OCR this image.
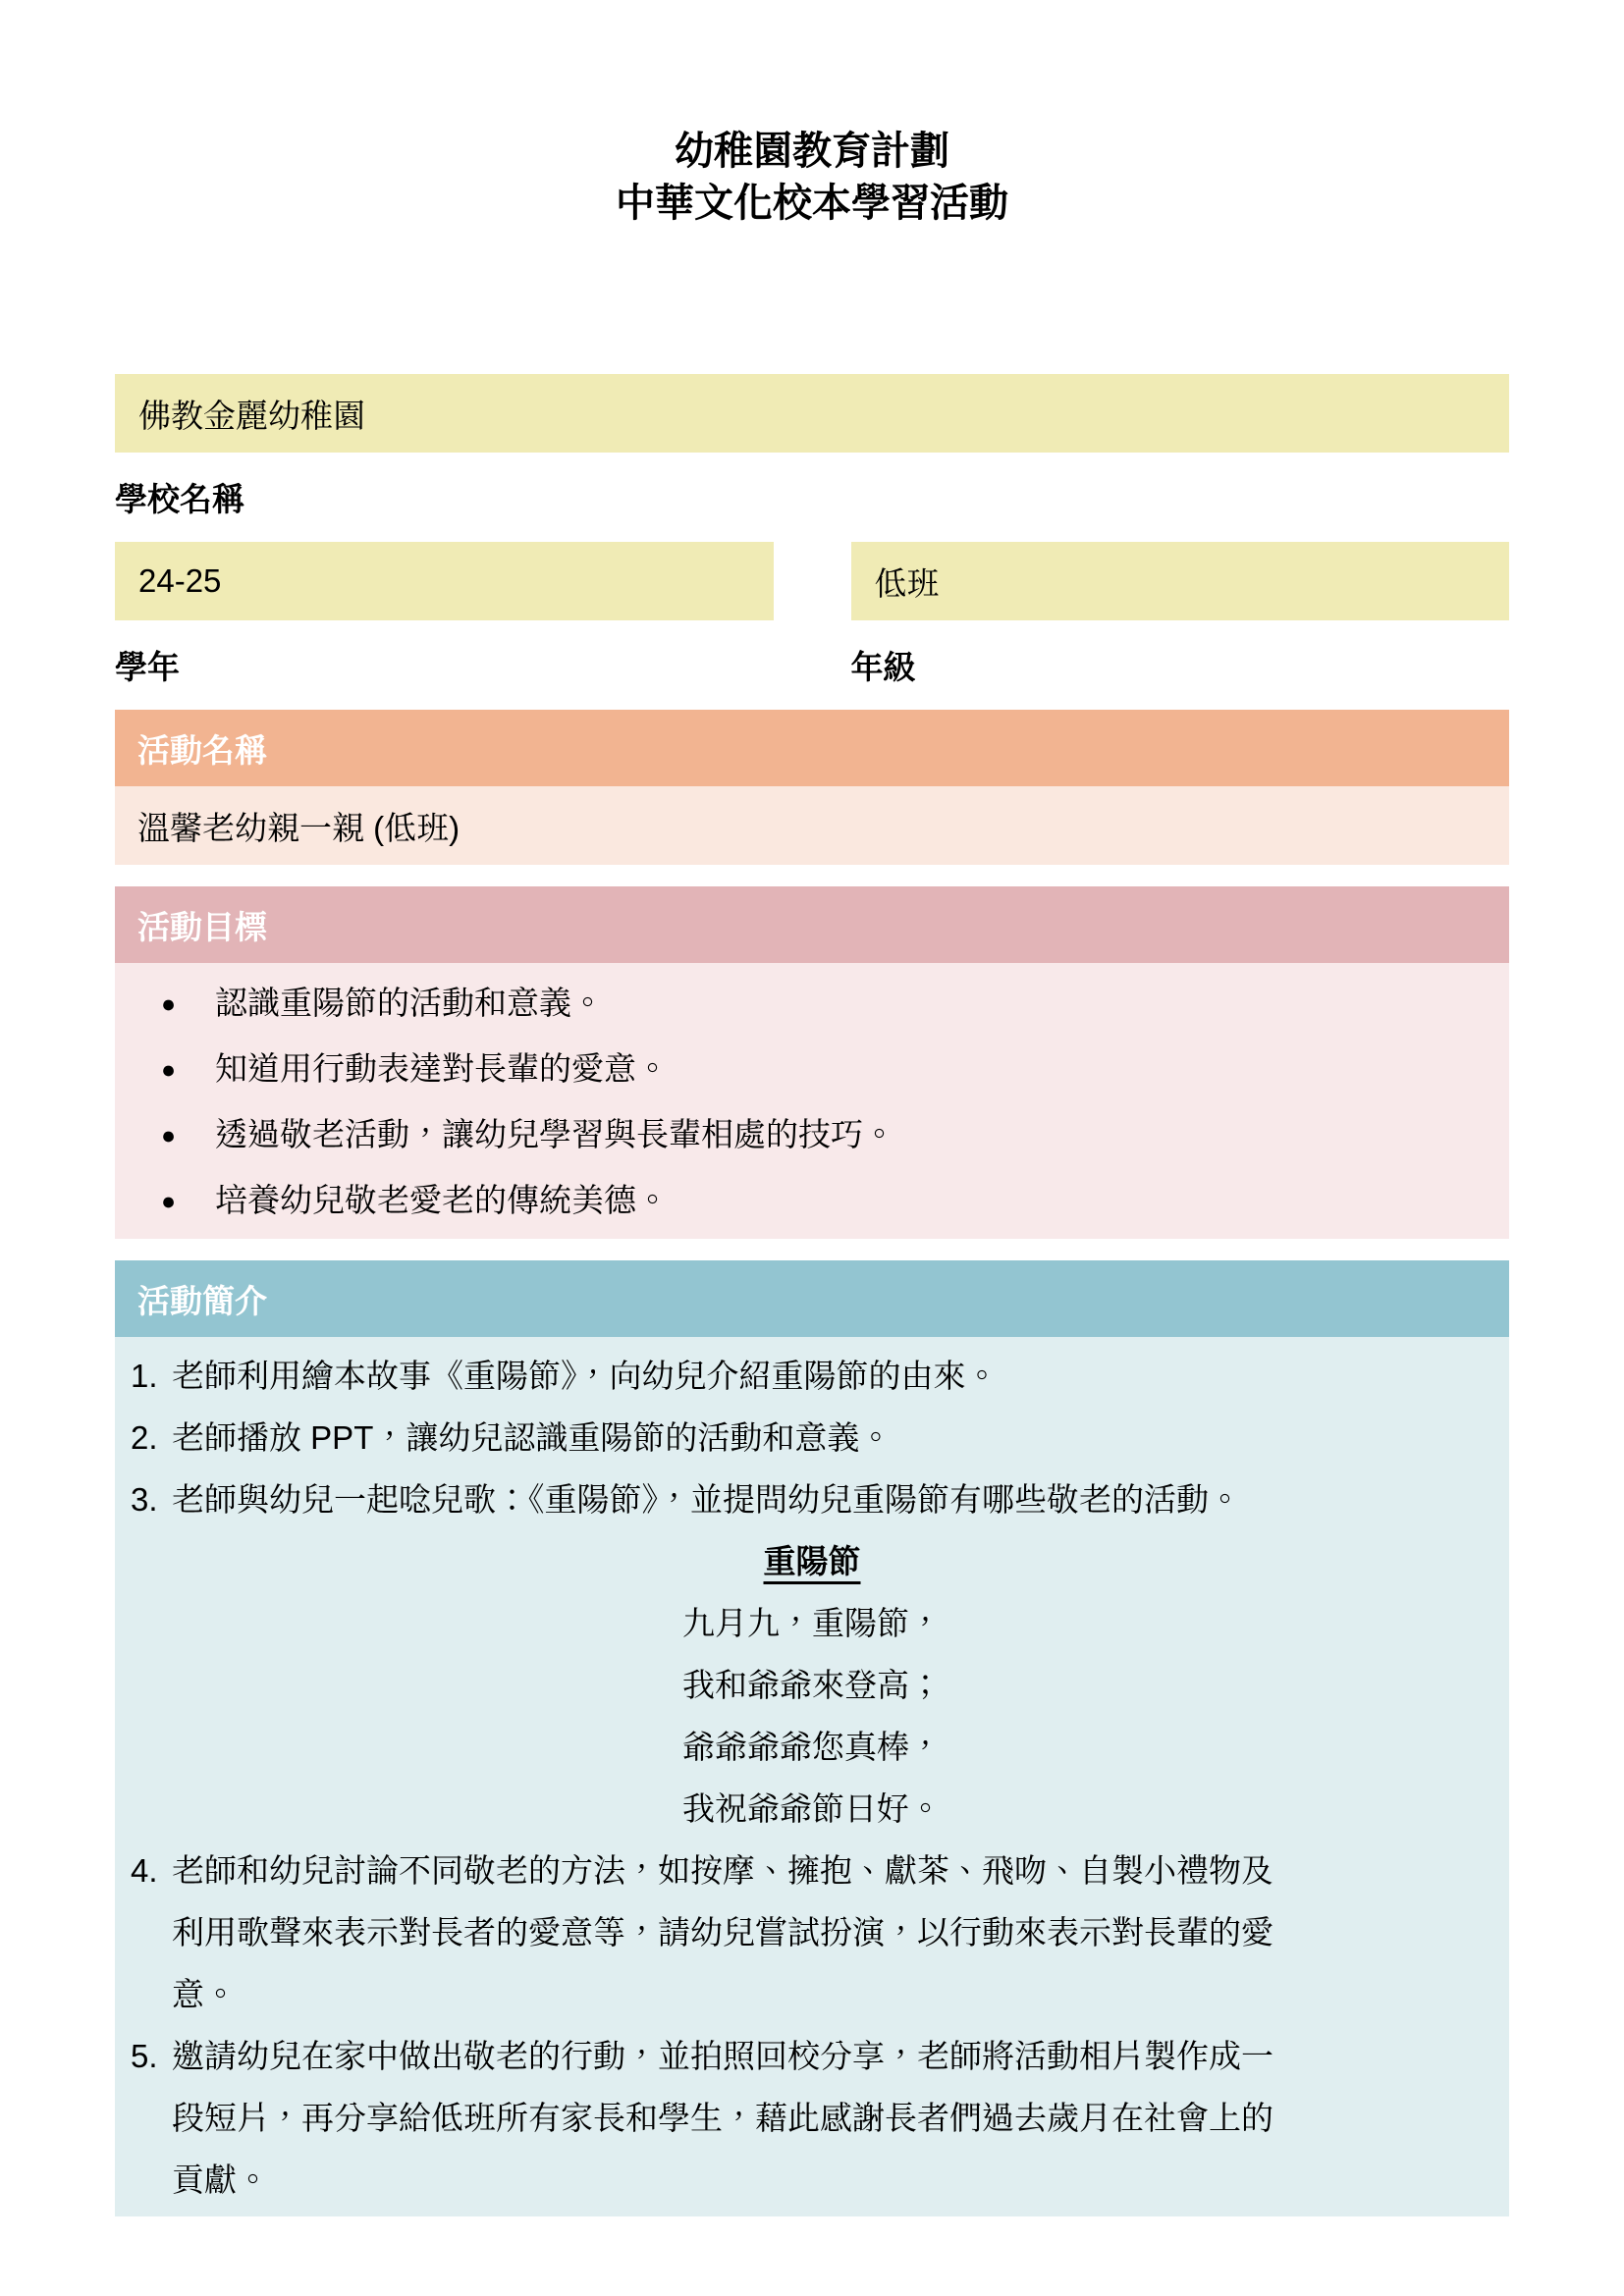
幼稚園教育計劃
中華文化校本學習活動
佛教金麗幼稚園
學校名稱
24-25
學年
低班
年級
活動名稱
溫馨老幼親一親 (低班)
活動目標
● 認識重陽節的活動和意義。
● 知道用行動表達對長輩的愛意。
● 透過敬老活動，讓幼兒學習與長輩相處的技巧。
● 培養幼兒敬老愛老的傳統美德。
活動簡介
1. 老師利用繪本故事《重陽節》，向幼兒介紹重陽節的由來。
2. 老師播放 PPT，讓幼兒認識重陽節的活動和意義。
3. 老師與幼兒一起唸兒歌：《重陽節》，並提問幼兒重陽節有哪些敬老的活動。
重陽節
九月九，重陽節，
我和爺爺來登高；
爺爺爺爺您真棒，
我祝爺爺節日好。
4. 老師和幼兒討論不同敬老的方法，如按摩、擁抱、獻茶、飛吻、自製小禮物及
利用歌聲來表示對長者的愛意等，請幼兒嘗試扮演，以行動來表示對長輩的愛
意。
5. 邀請幼兒在家中做出敬老的行動，並拍照回校分享，老師將活動相片製作成一
段短片，再分享給低班所有家長和學生，藉此感謝長者們過去歲月在社會上的
貢獻。
